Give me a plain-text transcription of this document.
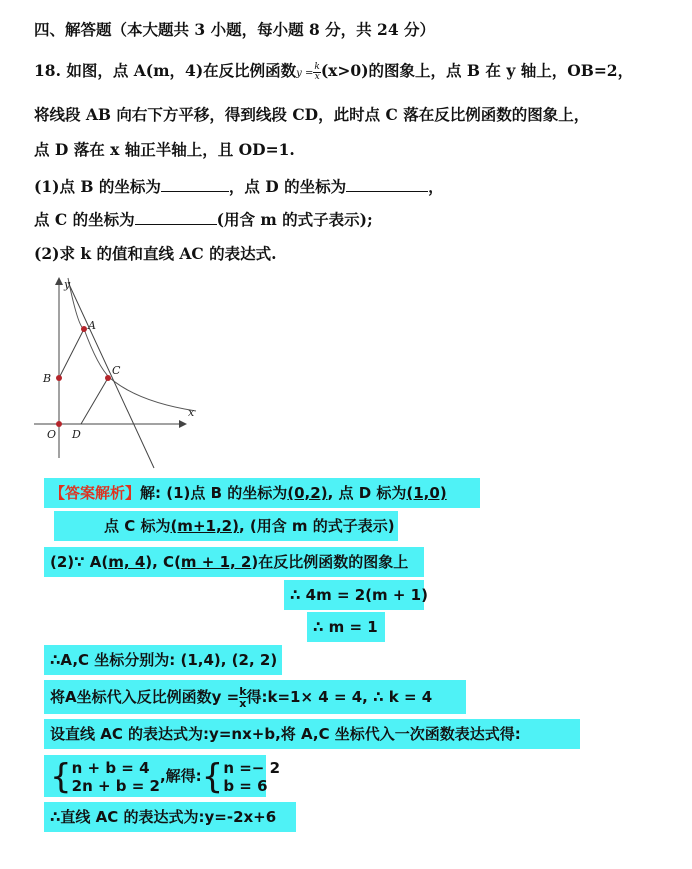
四、解答题（本大题共 3 小题，每小题 8 分，共 24 分）
18. 如图，点 A(m，4)在反比例函数$y = \frac{k}{x} (x>0)$的图象上，点 B 在 y 轴上，OB=2，
将线段 AB 向右下方平移，得到线段 CD，此时点 C 落在反比例函数的图象上，
点 D 落在 x 轴正半轴上，且 OD=1.
(1)点 B 的坐标为	，点 D 的坐标为	，
点 C 的坐标为	(用含 m 的式子表示);
(2)求 k 的值和直线 AC 的表达式.
y
x
A
B
C
O D
【答案解析】解: (1)点 B 的坐标为(0,2), 点 D 标为(1,0)
点 C 标为(m+1,2), (用含 m 的式子表示)
(2)∵ A(m, 4), C(m + 1, 2)在反比例函数的图象上
∴ 4m = 2(m + 1)
∴ m = 1
∴A,C 坐标分别为: (1,4), (2, 2)
将A坐标代入反比例函数$y = \frac{k}{x}$ 得:k=1× 4 = 4, ∴ k = 4
设直线 AC 的表达式为:y=nx+b,将 A,C 坐标代入一次函数表达式得:
{ n + b = 4
2n + b = 2
,解得:{ n =− 2
b = 6
∴直线 AC 的表达式为:y=-2x+6
